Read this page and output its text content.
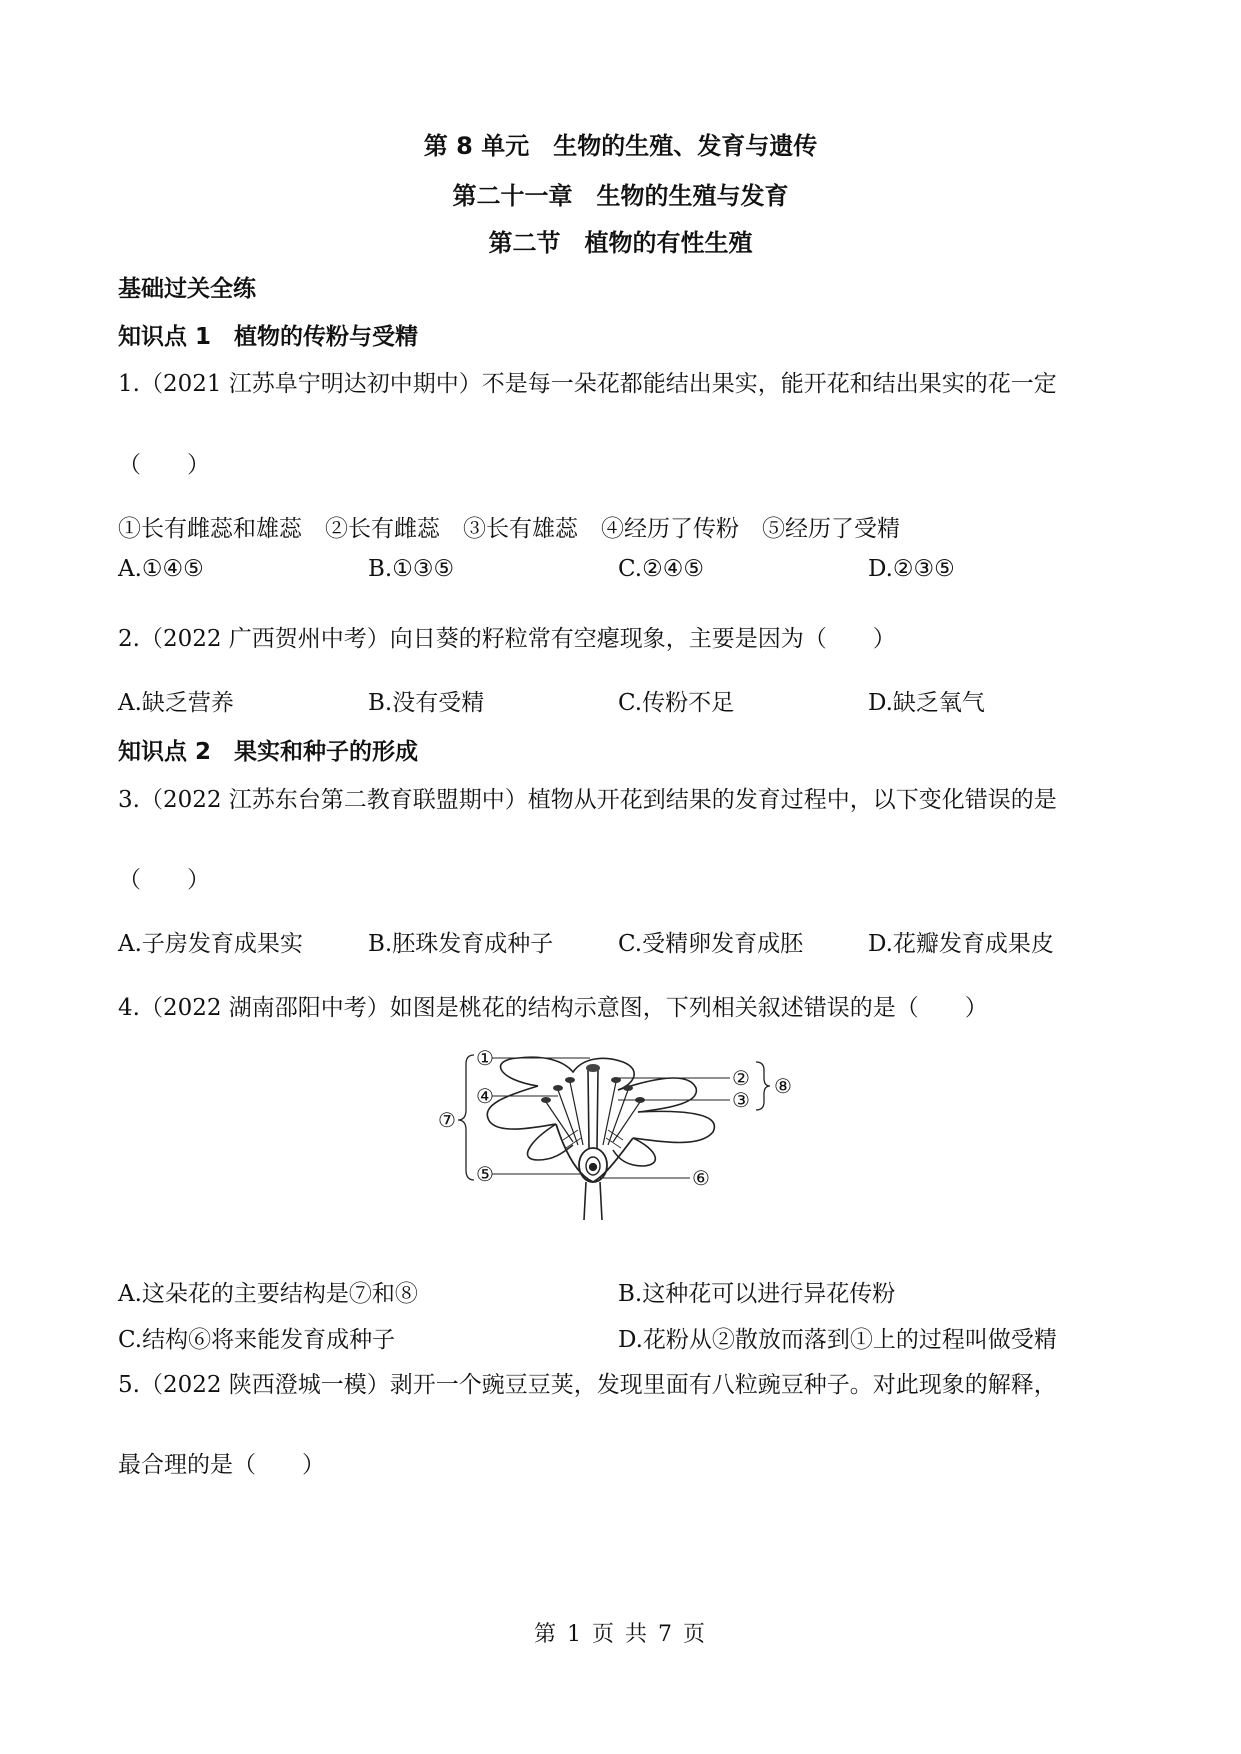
第 8 单元　生物的生殖、发育与遗传
第二十一章　生物的生殖与发育
第二节　植物的有性生殖
基础过关全练
知识点 1　植物的传粉与受精
1.（2021 江苏阜宁明达初中期中）不是每一朵花都能结出果实，能开花和结出果实的花一定
（　　）
①长有雌蕊和雄蕊　②长有雌蕊　③长有雄蕊　④经历了传粉　⑤经历了受精
A.①④⑤	B.①③⑤	C.②④⑤	D.②③⑤
2.（2022 广西贺州中考）向日葵的籽粒常有空瘪现象，主要是因为（　　）
A.缺乏营养	B.没有受精	C.传粉不足	D.缺乏氧气
知识点 2　果实和种子的形成
3.（2022 江苏东台第二教育联盟期中）植物从开花到结果的发育过程中，以下变化错误的是
（　　）
A.子房发育成果实	B.胚珠发育成种子	C.受精卵发育成胚	D.花瓣发育成果皮
4.（2022 湖南邵阳中考）如图是桃花的结构示意图，下列相关叙述错误的是（　　）
①
②
③
④
⑤	⑥
⑦
⑧
A.这朵花的主要结构是⑦和⑧	B.这种花可以进行异花传粉
C.结构⑥将来能发育成种子	D.花粉从②散放而落到①上的过程叫做受精
5.（2022 陕西澄城一模）剥开一个豌豆豆荚，发现里面有八粒豌豆种子。对此现象的解释，
最合理的是（　　）
第 1 页 共 7 页
